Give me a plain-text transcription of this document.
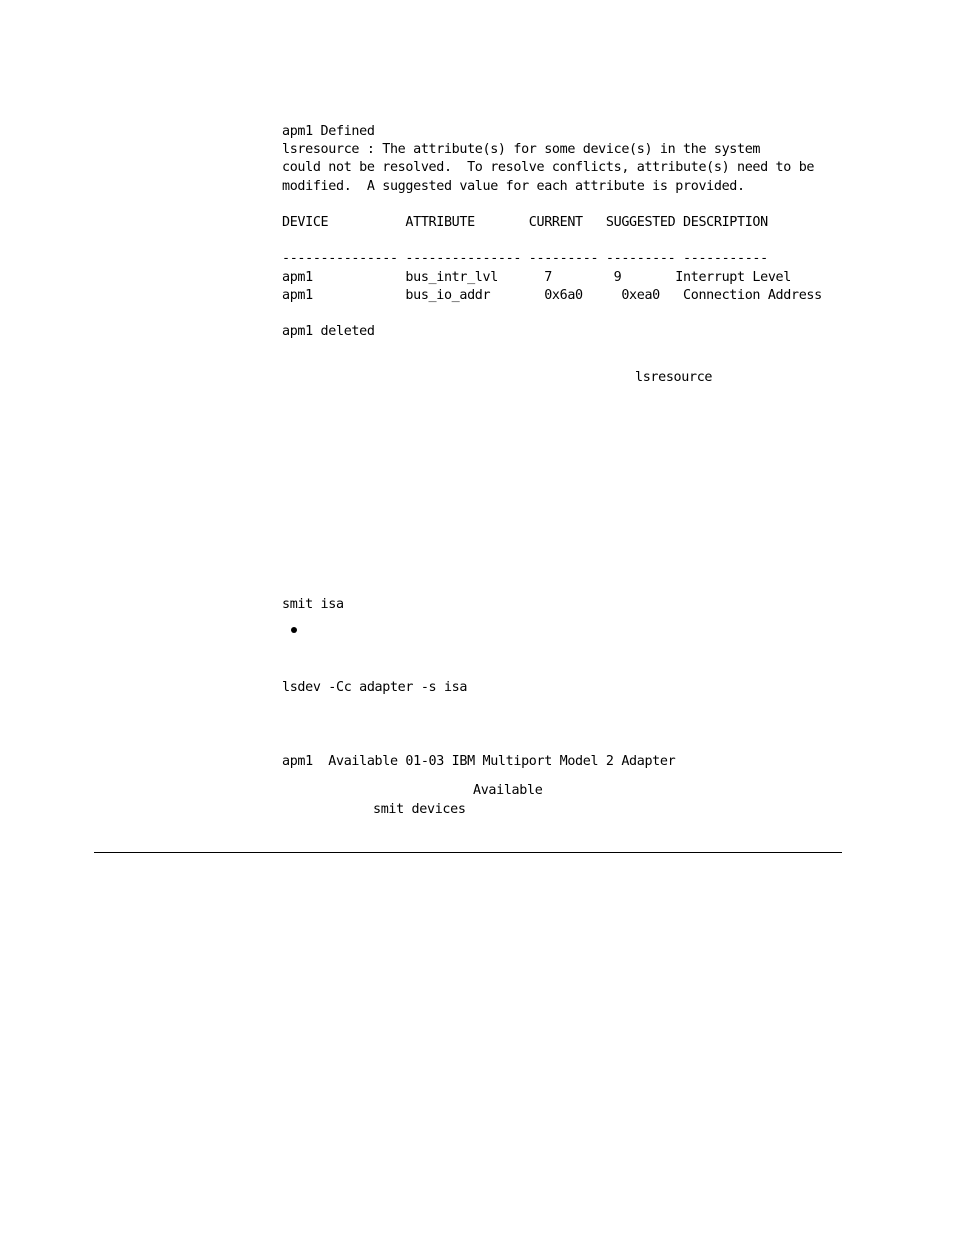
apm1 Defined
lsresource : The attribute(s) for some device(s) in the system
could not be resolved.  To resolve conflicts, attribute(s) need to be
modified.  A suggested value for each attribute is provided.
DEVICE          ATTRIBUTE       CURRENT   SUGGESTED DESCRIPTION
--------------- --------------- --------- --------- -----------
apm1            bus_intr_lvl      7        9       Interrupt Level
apm1            bus_io_addr       0x6a0     0xea0   Connection Address
apm1 deleted
lsresource
smit isa
lsdev -Cc adapter -s isa
apm1  Available 01-03 IBM Multiport Model 2 Adapter
Available
smit devices
